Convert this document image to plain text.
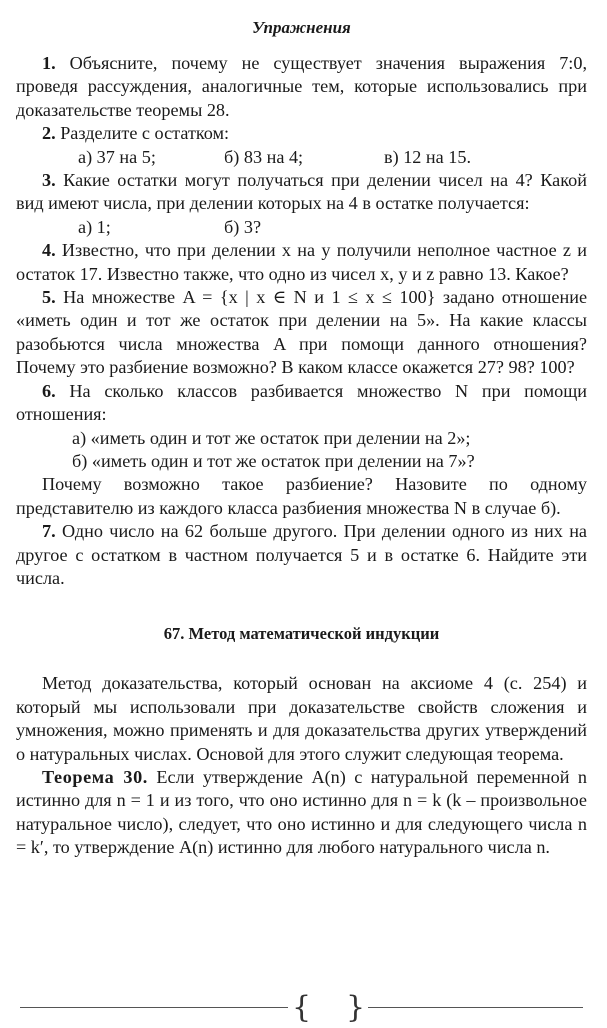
Упражнения

1. Объясните, почему не существует значения выражения 7:0, проведя рассуждения, аналогичные тем, которые использовались при доказательстве теоремы 28.

2. Разделите с остатком:

а) 37 на 5;	б) 83 на 4;	в) 12 на 15.

3. Какие остатки могут получаться при делении чисел на 4? Какой вид имеют числа, при делении которых на 4 в остатке получается:

а) 1;	б) 3?

4. Известно, что при делении x на y получили неполное частное z и остаток 17. Известно также, что одно из чисел x, y и z равно 13. Какое?

5. На множестве A = {x | x ∈ N и 1 ≤ x ≤ 100} задано отношение «иметь один и тот же остаток при делении на 5». На какие классы разобьются числа множества A при помощи данного отношения? Почему это разбиение возможно? В каком классе окажется 27? 98? 100?

6. На сколько классов разбивается множество N при помощи отношения:

а) «иметь один и тот же остаток при делении на 2»;
б) «иметь один и тот же остаток при делении на 7»?

Почему возможно такое разбиение? Назовите по одному представителю из каждого класса разбиения множества N в случае б).

7. Одно число на 62 больше другого. При делении одного из них на другое с остатком в частном получается 5 и в остатке 6. Найдите эти числа.

67. Метод математической индукции

Метод доказательства, который основан на аксиоме 4 (с. 254) и который мы использовали при доказательстве свойств сложения и умножения, можно применять и для доказательства других утверждений о натуральных числах. Основой для этого служит следующая теорема.

Теорема 30. Если утверждение A(n) с натуральной переменной n истинно для n = 1 и из того, что оно истинно для n = k (k – произвольное натуральное число), следует, что оно истинно и для следующего числа n = k′, то утверждение A(n) истинно для любого натурального числа n.

{ }
